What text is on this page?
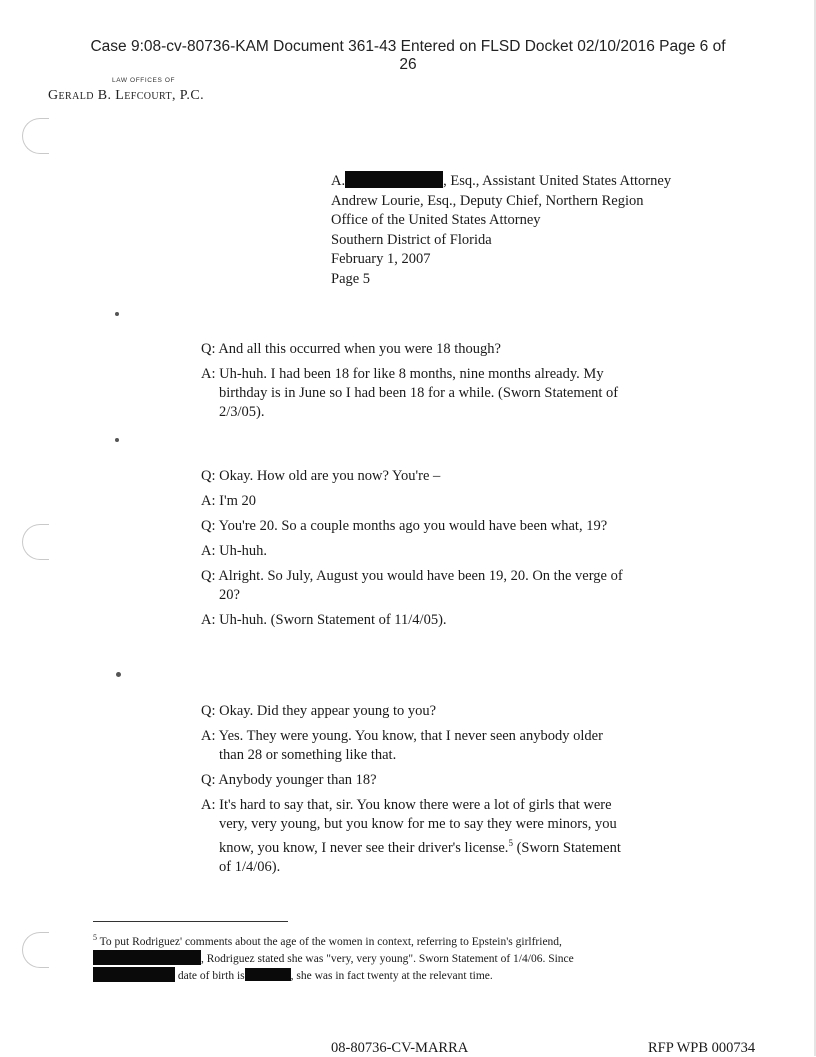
Case 9:08-cv-80736-KAM Document 361-43 Entered on FLSD Docket 02/10/2016 Page 6 of
26
LAW OFFICES OF
Gerald B. Lefcourt, P.C.
A.	, Esq., Assistant United States Attorney
Andrew Lourie, Esq., Deputy Chief, Northern Region
Office of the United States Attorney
Southern District of Florida
February 1, 2007
Page 5

Q: And all this occurred when you were 18 though?

A: Uh-huh. I had been 18 for like 8 months, nine months already. My birthday is in June so I had been 18 for a while. (Sworn Statement of 2/3/05).

Q: Okay. How old are you now? You're –

A: I'm 20

Q: You're 20. So a couple months ago you would have been what, 19?

A: Uh-huh.

Q: Alright. So July, August you would have been 19, 20. On the verge of 20?

A: Uh-huh. (Sworn Statement of 11/4/05).

Q: Okay. Did they appear young to you?

A: Yes. They were young. You know, that I never seen anybody older than 28 or something like that.

Q: Anybody younger than 18?

A: It's hard to say that, sir. You know there were a lot of girls that were very, very young, but you know for me to say they were minors, you know, you know, I never see their driver's license.$^5$ (Sworn Statement of 1/4/06).

$^5$ To put Rodriguez' comments about the age of the women in context, referring to Epstein's girlfriend,
, Rodriguez stated she was "very, very young". Sworn Statement of 1/4/06. Since
date of birth is	, she was in fact twenty at the relevant time.
08-80736-CV-MARRA	RFP WPB 000734
